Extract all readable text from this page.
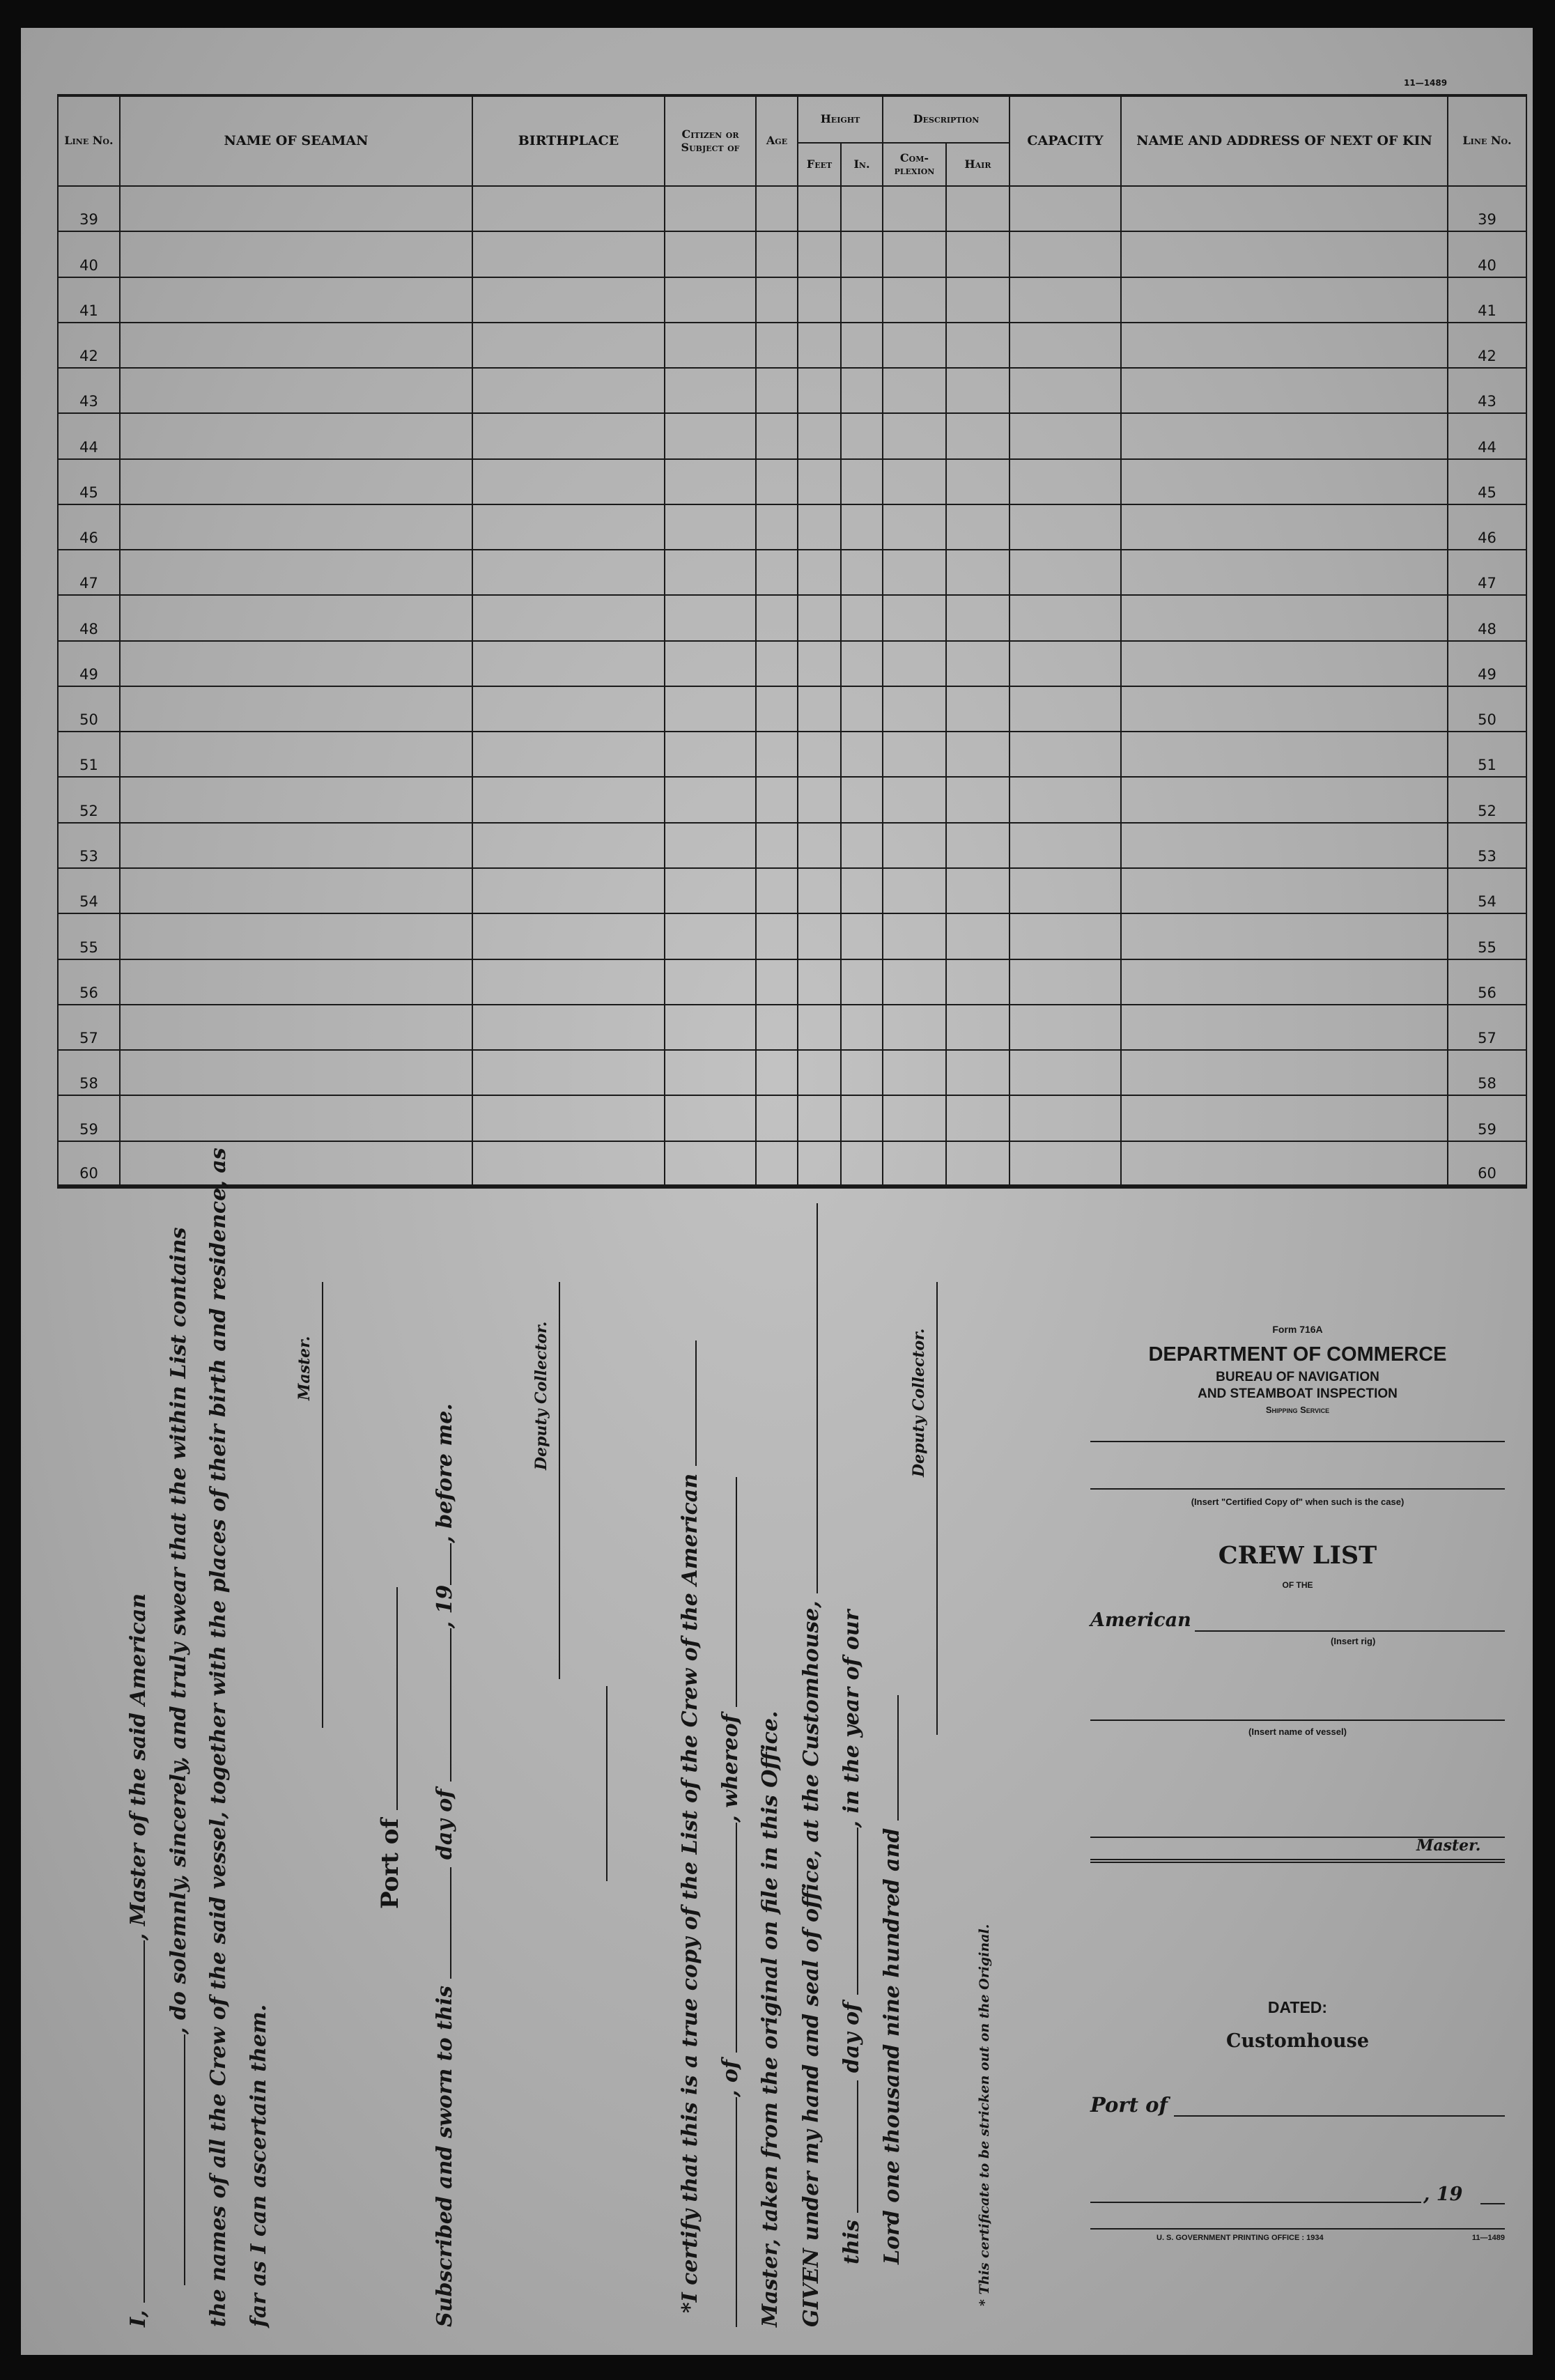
11—1489
Line No.	NAME OF SEAMAN	BIRTHPLACE	Citizen or Subject of	Age	Height		Description		CAPACITY	NAME AND ADDRESS OF NEXT OF KIN	Line No.
					Feet	In.	Com-plexion	Hair			
39											39
40											40
41											41
42											42
43											43
44											44
45											45
46											46
47											47
48											48
49											49
50											50
51											51
52											52
53											53
54											54
55											55
56											56
57											57
58											58
59											59
60											60
I, , Master of the said American , do solemnly, sincerely, and truly swear that the within List contains the names of all the Crew of the said vessel, together with the places of their birth and residence, as far as I can ascertain them.
Master.
Port of
Subscribed and sworn to this  day of , 19, before me.
Deputy Collector.
*I certify that this is a true copy of the List of the Crew of the American , of , whereof Master, taken from the original on file in this Office. GIVEN under my hand and seal of office, at the Customhouse, this  day of , in the year of our
Lord one thousand nine hundred and
Deputy Collector.
* This certificate to be stricken out on the Original.
Form 716A
DEPARTMENT OF COMMERCE
BUREAU OF NAVIGATION
AND STEAMBOAT INSPECTION
Shipping Service
(Insert "Certified Copy of" when such is the case)
CREW LIST
OF THE
American
(Insert rig)
(Insert name of vessel)
Master.
DATED:
Customhouse
Port of
, 19
U. S. GOVERNMENT PRINTING OFFICE : 1934	11—1489
